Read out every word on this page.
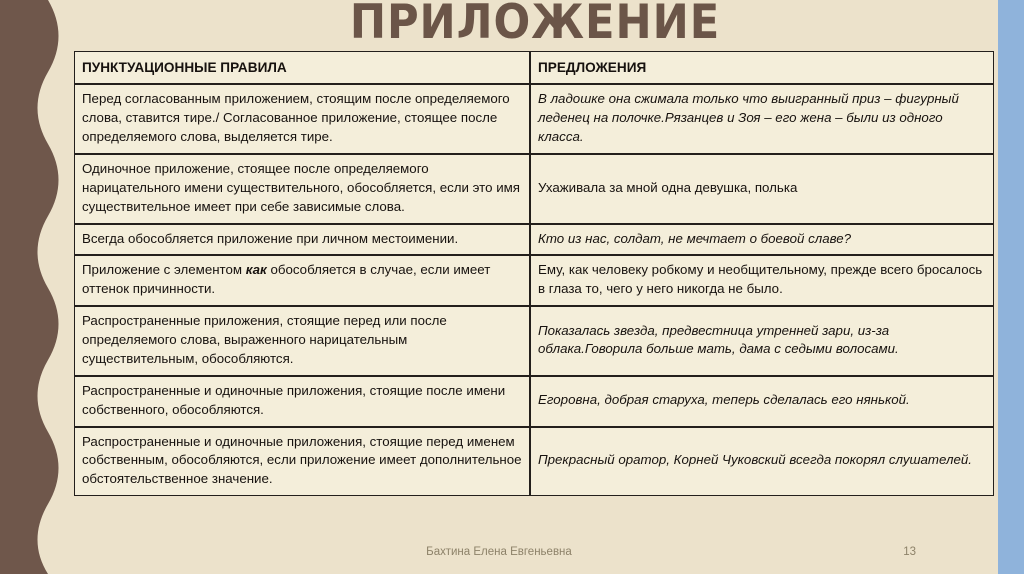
ПРИЛОЖЕНИЕ
ПУНКТУАЦИОННЫЕ ПРАВИЛА	ПРЕДЛОЖЕНИЯ
Перед согласованным приложением, стоящим после определяемого слова, ставится тире./ Согласованное приложение, стоящее после определяемого слова, выделяется тире.	В ладошке она сжимала только что выигранный приз – фигурный леденец на полочке.Рязанцев и Зоя – его жена – были из одного класса.
Одиночное приложение, стоящее после определяемого нарицательного имени существительного, обособляется, если это имя существительное имеет при себе зависимые слова.	Ухаживала за мной одна девушка, полька
Всегда обособляется приложение при личном местоимении.	Кто из нас, солдат, не мечтает о боевой славе?
Приложение с элементом как обособляется в случае, если имеет оттенок причинности.	Ему, как человеку робкому и необщительному, прежде всего бросалось в глаза то, чего у него никогда не было.
Распространенные приложения, стоящие перед или после определяемого слова, выраженного нарицательным существительным, обособляются.	Показалась звезда, предвестница утренней зари, из-за облака.Говорила больше мать, дама с седыми волосами.
Распространенные и одиночные приложения, стоящие после имени собственного, обособляются.	Егоровна, добрая старуха, теперь сделалась его нянькой.
Распространенные и одиночные приложения, стоящие перед именем собственным, обособляются, если приложение имеет дополнительное обстоятельственное значение.	Прекрасный оратор, Корней Чуковский всегда покорял слушателей.
Бахтина Елена Евгеньевна	13
